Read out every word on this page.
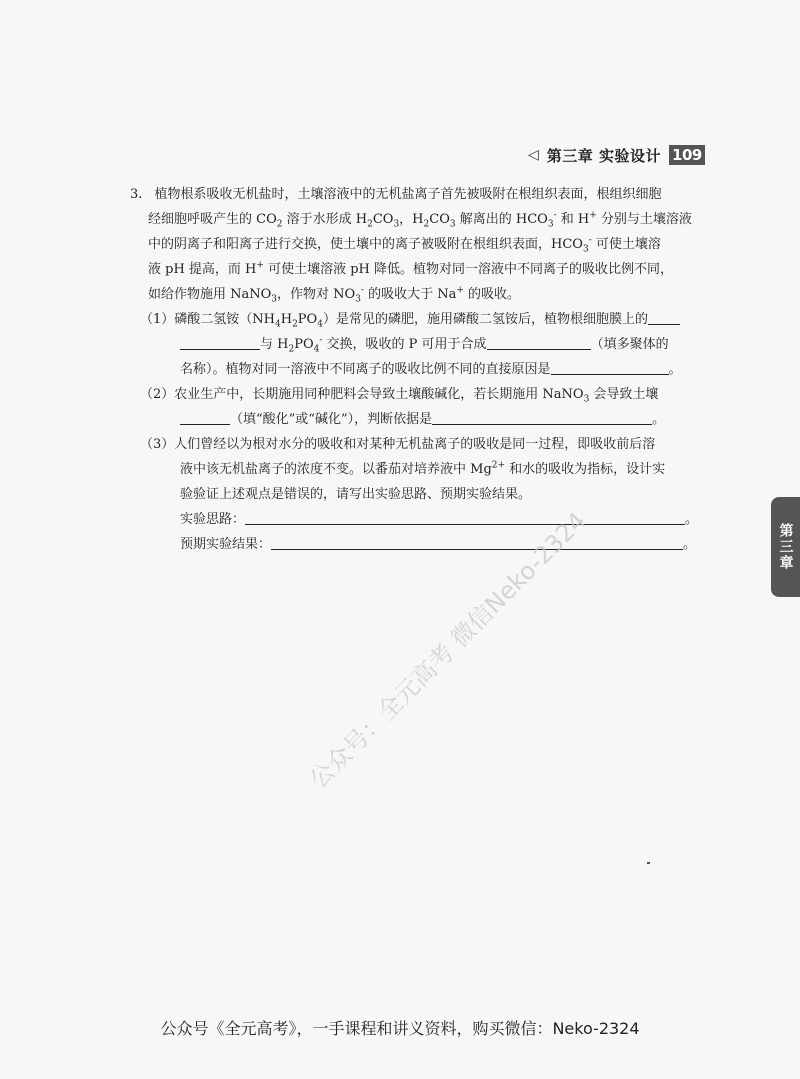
◁ 第三章 实验设计 109
3. 植物根系吸收无机盐时，土壤溶液中的无机盐离子首先被吸附在根组织表面，根组织细胞
经细胞呼吸产生的 $CO_2$ 溶于水形成 $H_2CO_3$，$H_2CO_3$ 解离出的 $HCO_3^-$ 和 H+ 分别与土壤溶液
中的阴离子和阳离子进行交换，使土壤中的离子被吸附在根组织表面，$HCO_3^-$ 可使土壤溶
液 pH 提高，而 H+ 可使土壤溶液 pH 降低。植物对同一溶液中不同离子的吸收比例不同，
如给作物施用 NaNO$_3$，作物对 $NO_3^-$ 的吸收大于 Na+ 的吸收。
（1）磷酸二氢铵$(NH_4H_2PO_4)$是常见的磷肥，施用磷酸二氢铵后，植物根细胞膜上的
与 $H_2PO_4^-$ 交换，吸收的 P 可用于合成	（填多聚体的
名称）。植物对同一溶液中不同离子的吸收比例不同的直接原因是	。
（2）农业生产中，长期施用同种肥料会导致土壤酸碱化，若长期施用 NaNO$_3$ 会导致土壤
（填“酸化”或“碱化”），判断依据是	。
（3）人们曾经以为根对水分的吸收和对某种无机盐离子的吸收是同一过程，即吸收前后溶
液中该无机盐离子的浓度不变。以番茄对培养液中 $Mg^{2+}$ 和水的吸收为指标，设计实
验验证上述观点是错误的，请写出实验思路、预期实验结果。
实验思路：	。
预期实验结果：	。	第三章
公众号：全元高考 微信Neko-2324
公众号《全元高考》，一手课程和讲义资料，购买微信：Neko-2324
